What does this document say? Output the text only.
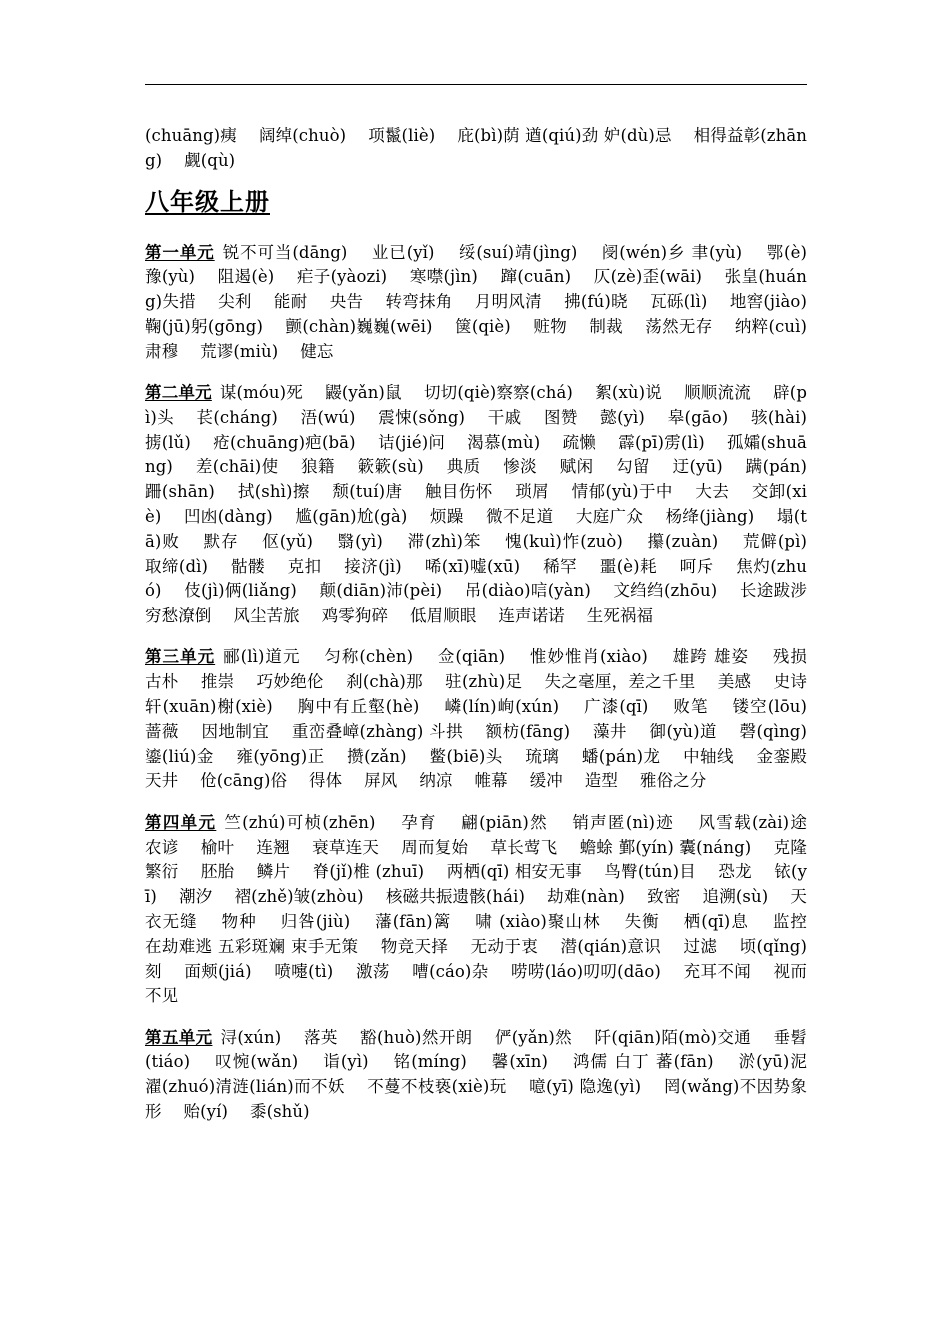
(chuāng)痍　 阔绰(chuò)　 项鬣(liè)　 庇(bì)荫 遒(qiú)劲 妒(dù)忌　 相得益彰(zhāng)　 觑(qù)
八年级上册

第一单元 锐不可当(dāng)　 业已(yǐ)　 绥(suí)靖(jìng)　 阌(wén)乡 聿(yù)　 鄂(è)　 豫(yù)　 阻遏(è)　 疟子(yàozi)　 寒噤(jìn)　 蹿(cuān)　 仄(zè)歪(wāi)　 张皇(huáng)失措　 尖利　 能耐　 央告　 转弯抹角　 月明风清　 拂(fú)晓　 瓦砾(lì)　 地窖(jiào)　 鞠(jū)躬(gōng)　 颤(chàn)巍巍(wēi)　 箧(qiè)　 赃物　 制裁　 荡然无存　 纳粹(cuì)　 肃穆　 荒谬(miù)　 健忘

第二单元 谋(móu)死　 鼹(yǎn)鼠　 切切(qiè)察察(chá)　 絮(xù)说　 顺顺流流　 辟(pì)头　 苌(cháng)　 浯(wú)　 震悚(sǒng)　 干戚　 图赞　 懿(yì)　 皋(gāo)　 骇(hài)　 掳(lǔ)　 疮(chuāng)疤(bā)　 诘(jié)问　 渴慕(mù)　 疏懒　 霹(pī)雳(lì)　 孤孀(shuāng)　 差(chāi)使　 狼籍　 簌簌(sù)　 典质　 惨淡　 赋闲　 勾留　 迂(yū)　 蹒(pán)跚(shān)　 拭(shì)擦　 颓(tuí)唐　 触目伤怀　 琐屑　 情郁(yù)于中　 大去　 交卸(xiè)　 凹凼(dàng)　 尴(gān)尬(gà)　 烦躁　 微不足道　 大庭广众　 杨绛(jiàng)　 塌(tā)败　 默存　 伛(yǔ)　 翳(yì)　 滞(zhì)笨　 愧(kuì)怍(zuò)　 攥(zuàn)　 荒僻(pì)　 取缔(dì)　 骷髅　 克扣　 接济(jì)　 唏(xī)嘘(xū)　 稀罕　 噩(è)耗　 呵斥　 焦灼(zhuó)　 伎(jì)俩(liǎng)　 颠(diān)沛(pèi)　 吊(diào)唁(yàn)　 文绉绉(zhōu)　 长途跋涉　 穷愁潦倒　 风尘苦旅　 鸡零狗碎　 低眉顺眼　 连声诺诺　 生死祸福

第三单元 郦(lì)道元　 匀称(chèn)　 佥(qiān)　 惟妙惟肖(xiào)　 雄跨 雄姿　 残损　 古朴　 推崇　 巧妙绝伦　 刹(chà)那　 驻(zhù)足　 失之毫厘，差之千里　 美感　 史诗　 轩(xuān)榭(xiè)　 胸中有丘壑(hè)　 嶙(lín)峋(xún)　 广漆(qī)　 败笔　 镂空(lōu)　 蔷薇　 因地制宜　 重峦叠嶂(zhàng) 斗拱　 额枋(fāng)　 藻井　 御(yù)道　 磬(qìng)　 鎏(liú)金　 雍(yōng)正　 攒(zǎn)　 鳖(biē)头　 琉璃　 蟠(pán)龙　 中轴线　 金銮殿　 天井　 伧(cāng)俗　 得体　 屏风　 纳凉　 帷幕　 缓冲　 造型　 雅俗之分

第四单元 竺(zhú)可桢(zhēn)　 孕育　 翩(piān)然　 销声匿(nì)迹　 风雪载(zài)途　 农谚　 榆叶　 连翘　 衰草连天　 周而复始　 草长莺飞　 蟾蜍 鄞(yín) 囊(náng)　 克隆　 繁衍　 胚胎　 鳞片　 脊(jǐ)椎 (zhuī)　 两栖(qī) 相安无事　 鸟臀(tún)目　 恐龙　 铱(yī)　 潮汐　 褶(zhě)皱(zhòu)　 核磁共振遗骸(hái)　 劫难(nàn)　 致密　 追溯(sù)　 天衣无缝　 物种　 归咎(jiù)　 藩(fān)篱　 啸 (xiào)聚山林　 失衡　 栖(qī)息　 监控　 在劫难逃 五彩斑斓 束手无策　 物竞天择　 无动于衷　 潜(qián)意识　 过滤　 顷(qǐng)刻　 面颊(jiá)　 喷嚏(tì)　 激荡　 嘈(cáo)杂　 唠唠(láo)叨叨(dāo)　 充耳不闻　 视而不见

第五单元 浔(xún)　 落英　 豁(huò)然开朗　 俨(yǎn)然　 阡(qiān)陌(mò)交通　 垂髫(tiáo)　 叹惋(wǎn)　 诣(yì)　 铭(míng)　 馨(xīn)　 鸿儒 白丁 蕃(fān)　 淤(yū)泥　 濯(zhuó)清涟(lián)而不妖　 不蔓不枝亵(xiè)玩　 噫(yī) 隐逸(yì)　 罔(wǎng)不因势象形　 贻(yí)　 黍(shǔ)
